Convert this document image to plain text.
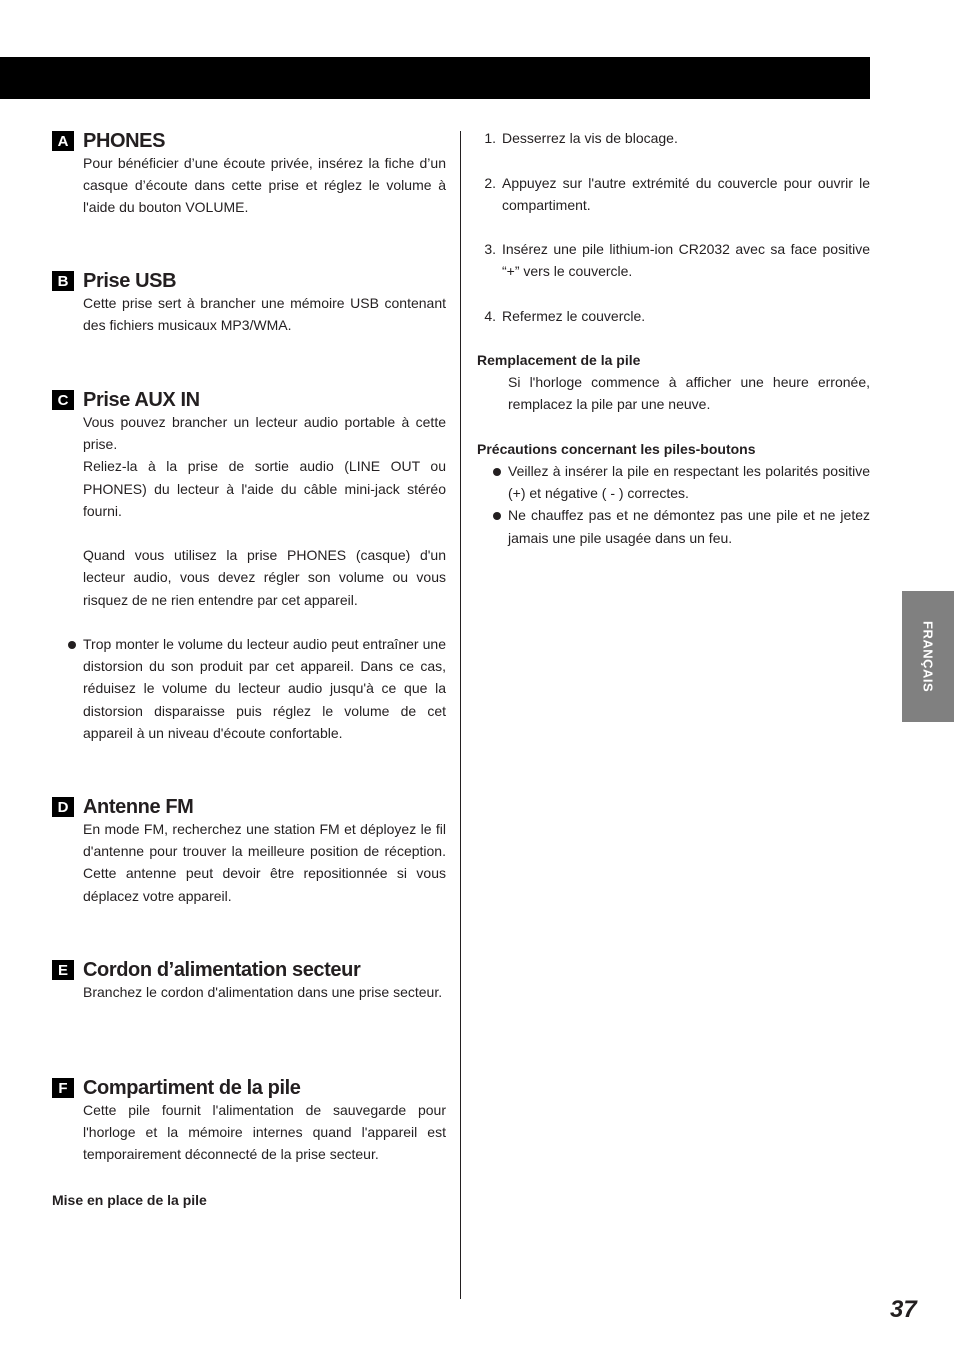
A PHONES

Pour bénéficier d’une écoute privée, insérez la fiche d’un casque d’écoute dans cette prise et réglez le volume à l'aide du bouton VOLUME.

B Prise USB

Cette prise sert à brancher une mémoire USB contenant des fichiers musicaux MP3/WMA.

C Prise AUX IN

Vous pouvez brancher un lecteur audio portable à cette prise.

Reliez-la à la prise de sortie audio (LINE OUT ou PHONES) du lecteur à l'aide du câble mini-jack stéréo fourni.

Quand vous utilisez la prise PHONES (casque) d'un lecteur audio, vous devez régler son volume ou vous risquez de ne rien entendre par cet appareil.

Trop monter le volume du lecteur audio peut entraîner une distorsion du son produit par cet appareil. Dans ce cas, réduisez le volume du lecteur audio jusqu'à ce que la distorsion disparaisse puis réglez le volume de cet appareil à un niveau d'écoute confortable.

D Antenne FM

En mode FM, recherchez une station FM et déployez le fil d'antenne pour trouver la meilleure position de réception. Cette antenne peut devoir être repositionnée si vous déplacez votre appareil.

E Cordon d’alimentation secteur

Branchez le cordon d'alimentation dans une prise secteur.

F Compartiment de la pile

Cette pile fournit l'alimentation de sauvegarde pour l'horloge et la mémoire internes quand l'appareil est temporairement déconnecté de la prise secteur.

Mise en place de la pile
1. Desserrez la vis de blocage.
2. Appuyez sur l'autre extrémité du couvercle pour ouvrir le compartiment.
3. Insérez une pile lithium-ion CR2032 avec sa face positive “+” vers le couvercle.
4. Refermez le couvercle.
Remplacement de la pile
Si l'horloge commence à afficher une heure erronée, remplacez la pile par une neuve.
Précautions concernant les piles-boutons
Veillez à insérer la pile en respectant les polarités positive (+) et négative ( - ) correctes.
Ne chauffez pas et ne démontez pas une pile et ne jetez jamais une pile usagée dans un feu.
FRANÇAIS
37
